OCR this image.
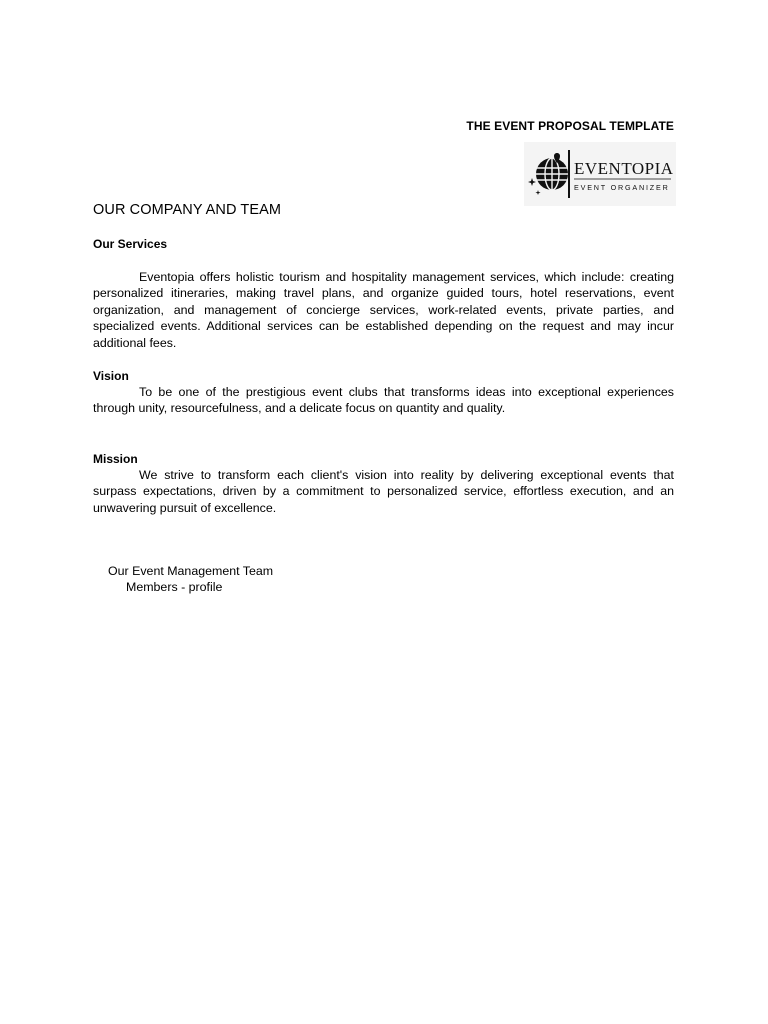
THE EVENT PROPOSAL TEMPLATE
EVENTOPIA
EVENT ORGANIZER
OUR COMPANY AND TEAM
Our Services
Eventopia offers holistic tourism and hospitality management services, which include: creating personalized itineraries, making travel plans, and organize guided tours, hotel reservations, event organization, and management of concierge services, work-related events, private parties, and specialized events. Additional services can be established depending on the request and may incur additional fees.
Vision
To be one of the prestigious event clubs that transforms ideas into exceptional experiences through unity, resourcefulness, and a delicate focus on quantity and quality.
Mission
We strive to transform each client's vision into reality by delivering exceptional events that surpass expectations, driven by a commitment to personalized service, effortless execution, and an unwavering pursuit of excellence.
Our Event Management Team
Members - profile
